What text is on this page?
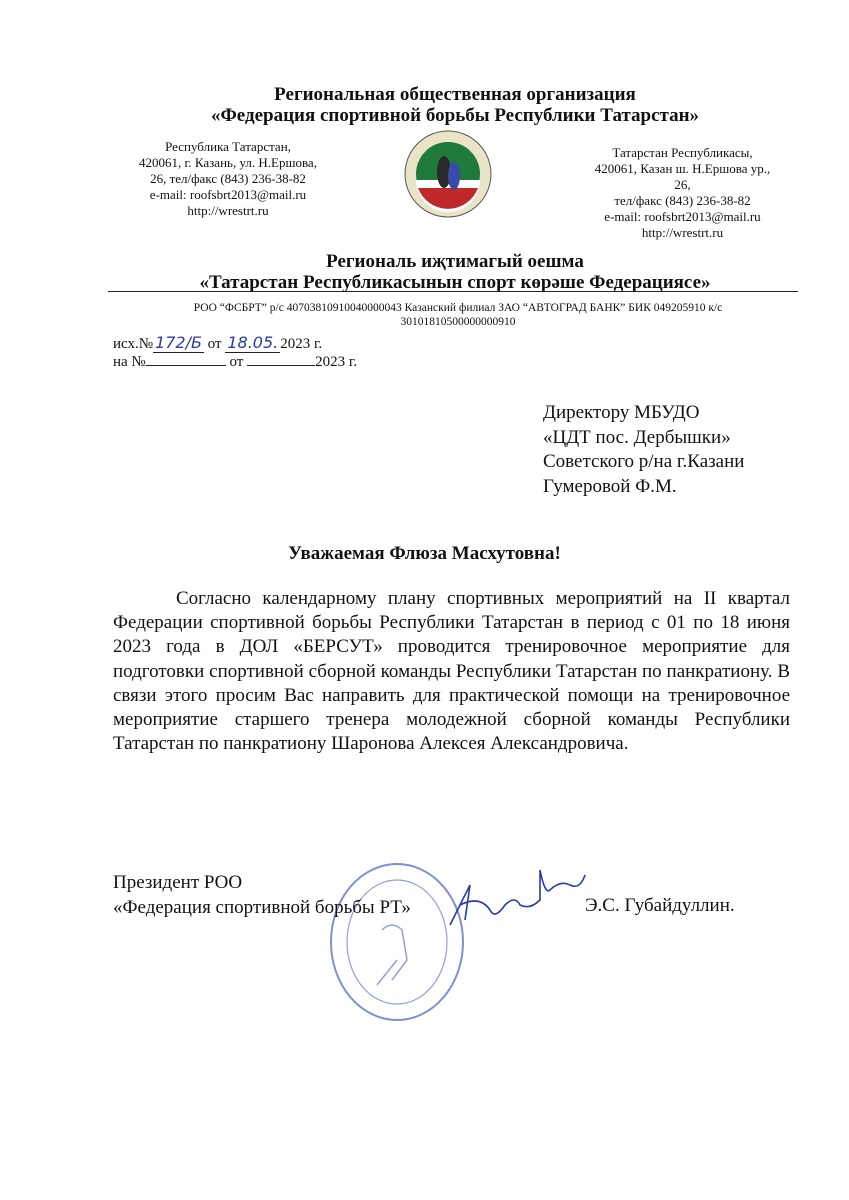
Региональная общественная организация
«Федерация спортивной борьбы Республики Татарстан»
Республика Татарстан,
420061, г. Казань, ул. Н.Ершова,
26, тел/факс (843) 236-38-82
e-mail: roofsbrt2013@mail.ru
http://wrestrt.ru
Татарстан Республикасы,
420061, Казан ш. Н.Ершова ур.,
26,
тел/факс (843) 236-38-82
e-mail: roofsbrt2013@mail.ru
http://wrestrt.ru
Региональ иҗтимагый оешма
«Татарстан Республикасынын спорт көрәше Федерациясе»
РОО “ФСБРТ” р/с 40703810910040000043 Казанский филиал ЗАО “АВТОГРАД БАНК” БИК 049205910 к/с
30101810500000000910
исх.№ 172/Б от 18.05. 2023 г.
на №	от	2023 г.
Директору МБУДО
«ЦДТ пос. Дербышки»
Советского р/на г.Казани
Гумеровой Ф.М.
Уважаемая Флюза Масхутовна!
Согласно календарному плану спортивных мероприятий на II квартал Федерации спортивной борьбы Республики Татарстан в период с 01 по 18 июня 2023 года в ДОЛ «БЕРСУТ» проводится тренировочное мероприятие для подготовки спортивной сборной команды Республики Татарстан по панкратиону. В связи этого просим Вас направить для практической помощи на тренировочное мероприятие старшего тренера молодежной сборной команды Республики Татарстан по панкратиону Шаронова Алексея Александровича.
Президент РОО
«Федерация спортивной борьбы РТ»	Э.С. Губайдуллин.
